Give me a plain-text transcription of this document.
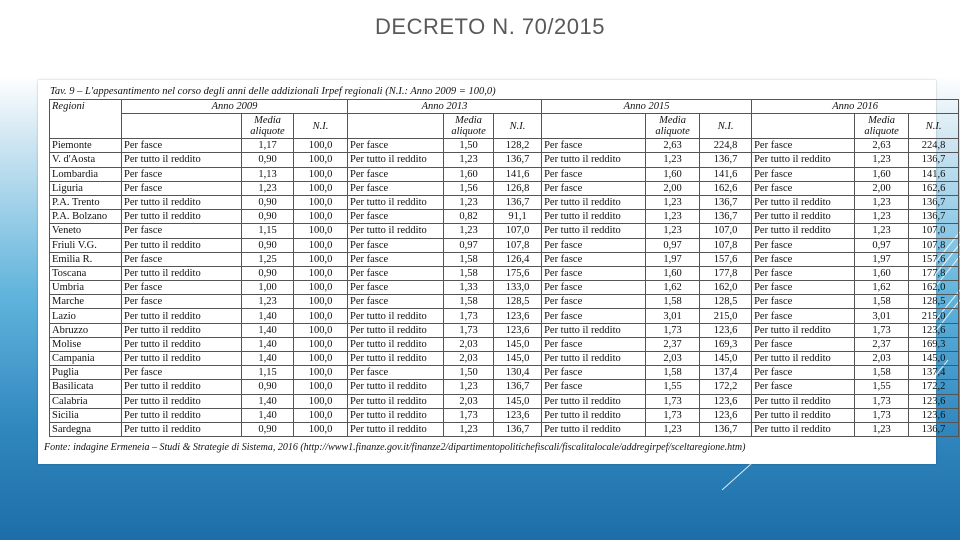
DECRETO N. 70/2015
Tav. 9 – L'appesantimento nel corso degli anni delle addizionali Irpef regionali (N.I.: Anno 2009 = 100,0)
Regioni	Anno 2009			Anno 2013			Anno 2015			Anno 2016		
		Media aliquote	N.I.		Media aliquote	N.I.		Media aliquote	N.I.		Media aliquote	N.I.
Piemonte	Per fasce	1,17	100,0	Per fasce	1,50	128,2	Per fasce	2,63	224,8	Per fasce	2,63	224,8
V. d'Aosta	Per tutto il reddito	0,90	100,0	Per tutto il reddito	1,23	136,7	Per tutto il reddito	1,23	136,7	Per tutto il reddito	1,23	136,7
Lombardia	Per fasce	1,13	100,0	Per fasce	1,60	141,6	Per fasce	1,60	141,6	Per fasce	1,60	141,6
Liguria	Per fasce	1,23	100,0	Per fasce	1,56	126,8	Per fasce	2,00	162,6	Per fasce	2,00	162,6
P.A. Trento	Per tutto il reddito	0,90	100,0	Per tutto il reddito	1,23	136,7	Per tutto il reddito	1,23	136,7	Per tutto il reddito	1,23	136,7
P.A. Bolzano	Per tutto il reddito	0,90	100,0	Per fasce	0,82	91,1	Per tutto il reddito	1,23	136,7	Per tutto il reddito	1,23	136,7
Veneto	Per fasce	1,15	100,0	Per tutto il reddito	1,23	107,0	Per tutto il reddito	1,23	107,0	Per tutto il reddito	1,23	107,0
Friuli V.G.	Per tutto il reddito	0,90	100,0	Per fasce	0,97	107,8	Per fasce	0,97	107,8	Per fasce	0,97	107,8
Emilia R.	Per fasce	1,25	100,0	Per fasce	1,58	126,4	Per fasce	1,97	157,6	Per fasce	1,97	157,6
Toscana	Per tutto il reddito	0,90	100,0	Per fasce	1,58	175,6	Per fasce	1,60	177,8	Per fasce	1,60	177,8
Umbria	Per fasce	1,00	100,0	Per fasce	1,33	133,0	Per fasce	1,62	162,0	Per fasce	1,62	162,0
Marche	Per fasce	1,23	100,0	Per fasce	1,58	128,5	Per fasce	1,58	128,5	Per fasce	1,58	128,5
Lazio	Per tutto il reddito	1,40	100,0	Per tutto il reddito	1,73	123,6	Per fasce	3,01	215,0	Per fasce	3,01	215,0
Abruzzo	Per tutto il reddito	1,40	100,0	Per tutto il reddito	1,73	123,6	Per tutto il reddito	1,73	123,6	Per tutto il reddito	1,73	123,6
Molise	Per tutto il reddito	1,40	100,0	Per tutto il reddito	2,03	145,0	Per fasce	2,37	169,3	Per fasce	2,37	169,3
Campania	Per tutto il reddito	1,40	100,0	Per tutto il reddito	2,03	145,0	Per tutto il reddito	2,03	145,0	Per tutto il reddito	2,03	145,0
Puglia	Per fasce	1,15	100,0	Per fasce	1,50	130,4	Per fasce	1,58	137,4	Per fasce	1,58	137,4
Basilicata	Per tutto il reddito	0,90	100,0	Per tutto il reddito	1,23	136,7	Per fasce	1,55	172,2	Per fasce	1,55	172,2
Calabria	Per tutto il reddito	1,40	100,0	Per tutto il reddito	2,03	145,0	Per tutto il reddito	1,73	123,6	Per tutto il reddito	1,73	123,6
Sicilia	Per tutto il reddito	1,40	100,0	Per tutto il reddito	1,73	123,6	Per tutto il reddito	1,73	123,6	Per tutto il reddito	1,73	123,6
Sardegna	Per tutto il reddito	0,90	100,0	Per tutto il reddito	1,23	136,7	Per tutto il reddito	1,23	136,7	Per tutto il reddito	1,23	136,7
Fonte: indagine Ermeneia – Studi & Strategie di Sistema, 2016 (http://www1.finanze.gov.it/finanze2/dipartimentopolitichefiscali/fiscalitalocale/addregirpef/sceltaregione.htm)
